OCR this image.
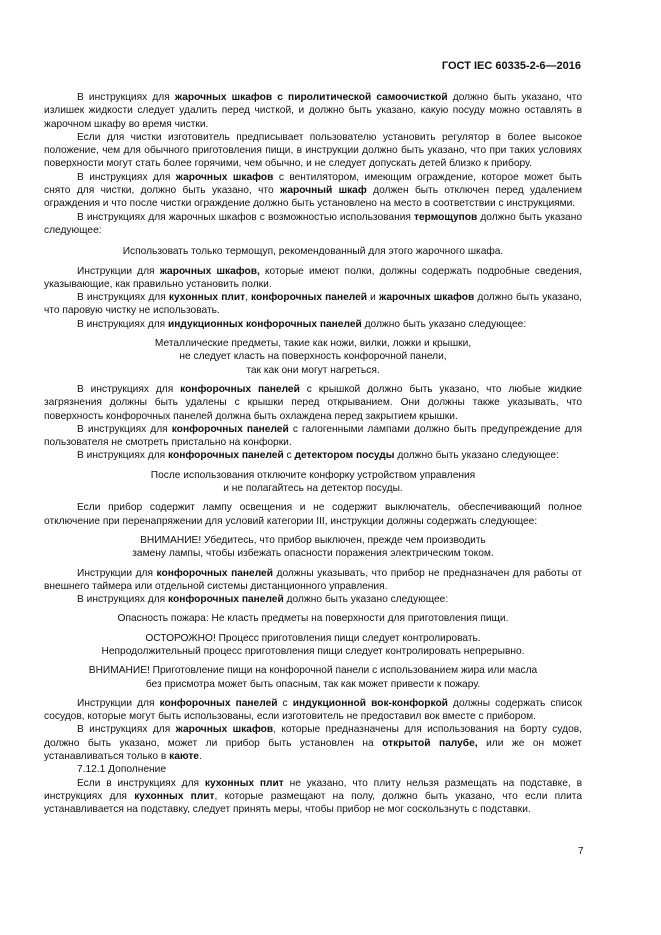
ГОСТ IEC 60335-2-6—2016

В инструкциях для жарочных шкафов с пиролитической самоочисткой должно быть указано, что излишек жидкости следует удалить перед чисткой, и должно быть указано, какую посуду можно оставлять в жарочном шкафу во время чистки.

Если для чистки изготовитель предписывает пользователю установить регулятор в более высокое положение, чем для обычного приготовления пищи, в инструкции должно быть указано, что при таких условиях поверхности могут стать более горячими, чем обычно, и не следует допускать детей близко к прибору.

В инструкциях для жарочных шкафов с вентилятором, имеющим ограждение, которое может быть снято для чистки, должно быть указано, что жарочный шкаф должен быть отключен перед удалением ограждения и что после чистки ограждение должно быть установлено на место в соответствии с инструкциями.

В инструкциях для жарочных шкафов с возможностью использования термощупов должно быть указано следующее:

Использовать только термощуп, рекомендованный для этого жарочного шкафа.

Инструкции для жарочных шкафов, которые имеют полки, должны содержать подробные сведения, указывающие, как правильно установить полки.

В инструкциях для кухонных плит, конфорочных панелей и жарочных шкафов должно быть указано, что паровую чистку не использовать.

В инструкциях для индукционных конфорочных панелей должно быть указано следующее:

Металлические предметы, такие как ножи, вилки, ложки и крышки,
не следует класть на поверхность конфорочной панели,
так как они могут нагреться.

В инструкциях для конфорочных панелей с крышкой должно быть указано, что любые жидкие загрязнения должны быть удалены с крышки перед открыванием. Они должны также указывать, что поверхность конфорочных панелей должна быть охлаждена перед закрытием крышки.

В инструкциях для конфорочных панелей с галогенными лампами должно быть предупреждение для пользователя не смотреть пристально на конфорки.

В инструкциях для конфорочных панелей с детектором посуды должно быть указано следующее:

После использования отключите конфорку устройством управления
и не полагайтесь на детектор посуды.

Если прибор содержит лампу освещения и не содержит выключатель, обеспечивающий полное отключение при перенапряжении для условий категории III, инструкции должны содержать следующее:

ВНИМАНИЕ! Убедитесь, что прибор выключен, прежде чем производить
замену лампы, чтобы избежать опасности поражения электрическим током.

Инструкции для конфорочных панелей должны указывать, что прибор не предназначен для работы от внешнего таймера или отдельной системы дистанционного управления.

В инструкциях для конфорочных панелей должно быть указано следующее:

Опасность пожара: Не класть предметы на поверхности для приготовления пищи.
ОСТОРОЖНО! Процесс приготовления пищи следует контролировать.
Непродолжительный процесс приготовления пищи следует контролировать непрерывно.
ВНИМАНИЕ! Приготовление пищи на конфорочной панели с использованием жира или масла
без присмотра может быть опасным, так как может привести к пожару.

Инструкции для конфорочных панелей с индукционной вок-конфоркой должны содержать список сосудов, которые могут быть использованы, если изготовитель не предоставил вок вместе с прибором.

В инструкциях для жарочных шкафов, которые предназначены для использования на борту судов, должно быть указано, может ли прибор быть установлен на открытой палубе, или же он может устанавливаться только в каюте.

7.12.1 Дополнение

Если в инструкциях для кухонных плит не указано, что плиту нельзя размещать на подставке, в инструкциях для кухонных плит, которые размещают на полу, должно быть указано, что если плита устанавливается на подставку, следует принять меры, чтобы прибор не мог соскользнуть с подставки.

7
